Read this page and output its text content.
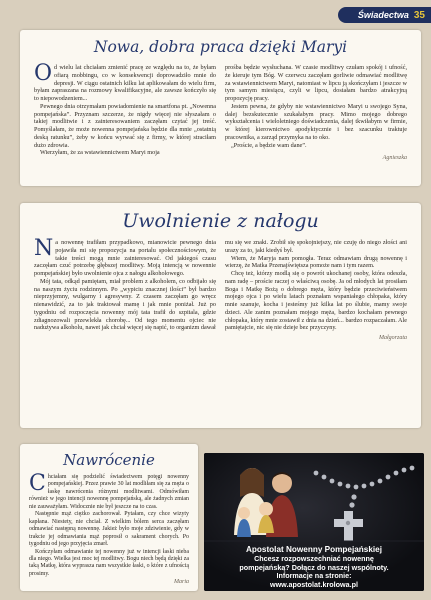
Świadectwa 35
Nowa, dobra praca dzięki Maryi

Od wielu lat chciałam zmienić pracę ze względu na to, że byłam ofiarą mobbingu, co w konsekwencji doprowadziło mnie do depresji. W ciągu ostatnich kilku lat aplikowałam do wielu firm, byłam zapraszana na rozmowy kwalifikacyjne, ale zawsze kończyło się to niepowodzeniem...

Pewnego dnia otrzymałam powiadomienie na smartfona pt. „Nowenna pompejańska”. Przyznam szczerze, że nigdy więcej nie słyszałam o takiej modlitwie i z zainteresowaniem zaczęłam czytać jej treść. Pomyślałam, że może nowenna pompejańska będzie dla mnie „ostatnią deską ratunku”, żeby w końcu wyrwać się z firmy, w której straciłam dużo zdrowia.

Wierzyłam, że za wstawiennictwem Maryi moja

prośba będzie wysłuchana. W czasie modlitwy czułam spokój i ufność, że kieruje tym Bóg. W czerwcu zaczęłam gorliwie odmawiać modlitwę za wstawiennictwem Maryi, natomiast w lipcu ją skończyłam i jeszcze w tym samym miesiącu, czyli w lipcu, dostałam bardzo atrakcyjną propozycję pracy.

Jestem pewna, że gdyby nie wstawiennictwo Maryi u swojego Syna, dalej bezskutecznie szukałabym pracy. Mimo mojego dobrego wykształcenia i wieloletniego doświadczenia, dalej tkwiłabym w firmie, w której kierownictwo apodyktycznie i bez szacunku traktuje pracownika, a zarząd przymyka na to oko.

„Proście, a będzie wam dane”.

Agnieszka
Uwolnienie z nałogu

Na nowennę trafiłam przypadkowo, mianowicie pewnego dnia pojawiła mi się propozycja na portalu społecznościowym, że takie treści mogą mnie zainteresować. Od jakiegoś czasu zaczęłam czuć potrzebę głębszej modlitwy. Moją intencją w nowennie pompejańskiej było uwolnienie ojca z nałogu alkoholowego.

Mój tata, odkąd pamiętam, miał problem z alkoholem, co odbijało się na naszym życiu rodzinnym. Po „wypiciu znacznej ilości” był bardzo nieprzyjemny, wulgarny i agresywny. Z czasem zaczęłam go wręcz nienawidzić, za to jak traktował mamę i jak mnie poniżał. Już po tygodniu od rozpoczęcia nowenny mój tata trafił do szpitala, gdzie zdiagnozowali przewlekła chorobę... Od tego momentu ojciec nie nadużywa alkoholu, nawet jak chciał więcej się napić, to organizm dawał

mu się we znaki. Zrobił się spokojniejszy, nie czuję do niego złości ani urazy za to, jaki kiedyś był.

Wiem, że Maryja nam pomogła. Teraz odmawiam drugą nowennę i wierzę, że Matka Przenajświętsza pomoże nam i tym razem.

Chcę też, którzy modlą się o powrót ukochanej osoby, która odeszła, nam radę – proście raczej o właściwą osobę. Ja od młodych lat prosiłam Boga i Matkę Bożą o dobrego męża, który będzie przeciwieństwem mojego ojca i po wielu latach poznałam wspaniałego chłopaka, który mnie szanuje, kocha i jesteśmy już kilka lat po ślubie, mamy swoje dzieci. Ale zanim poznałam mojego męża, bardzo kochałam pewnego chłopaka, który mnie zostawił z dnia na dzień... bardzo rozpaczałam. Ale pamiętajcie, nic się nie dzieje bez przyczyny.

Małgorzata
Nawrócenie

Chciałam się podzielić świadectwem potęgi nowenny pompejańskiej. Przez prawie 30 lat modliłam się za męża o łaskę nawrócenia różnymi modlitwami. Odmówiłam również w jego intencji nowennę pompejańską, ale żadnych zmian nie zauważyłam. Widocznie nie był jeszcze na to czas.

Następnie mąż ciężko zachorował. Pytałam, czy chce wizyty kapłana. Niestety, nie chciał. Z wielkim bólem serca zaczęłam odmawiać następną nowennę. Jakież było moje zdziwienie, gdy w trakcie jej odmawiania mąż poprosił o sakrament chorych. Po tygodniu od jego przyjęcia zmarł.

Kończyłam odmawianie tej nowenny już w intencji łaski nieba dla niego. Wielka jest moc tej modlitwy. Bogu niech będą dzięki za taką Matkę, która wyprasza nam wszystkie łaski, o które z ufnością prosimy.

Maria
Apostolat Nowenny Pompejańskiej
Chcesz rozpowszechniać nowennę
pompejańską? Dołącz do naszej wspólnoty.
Informacje na stronie:
www.apostolat.krolowa.pl
